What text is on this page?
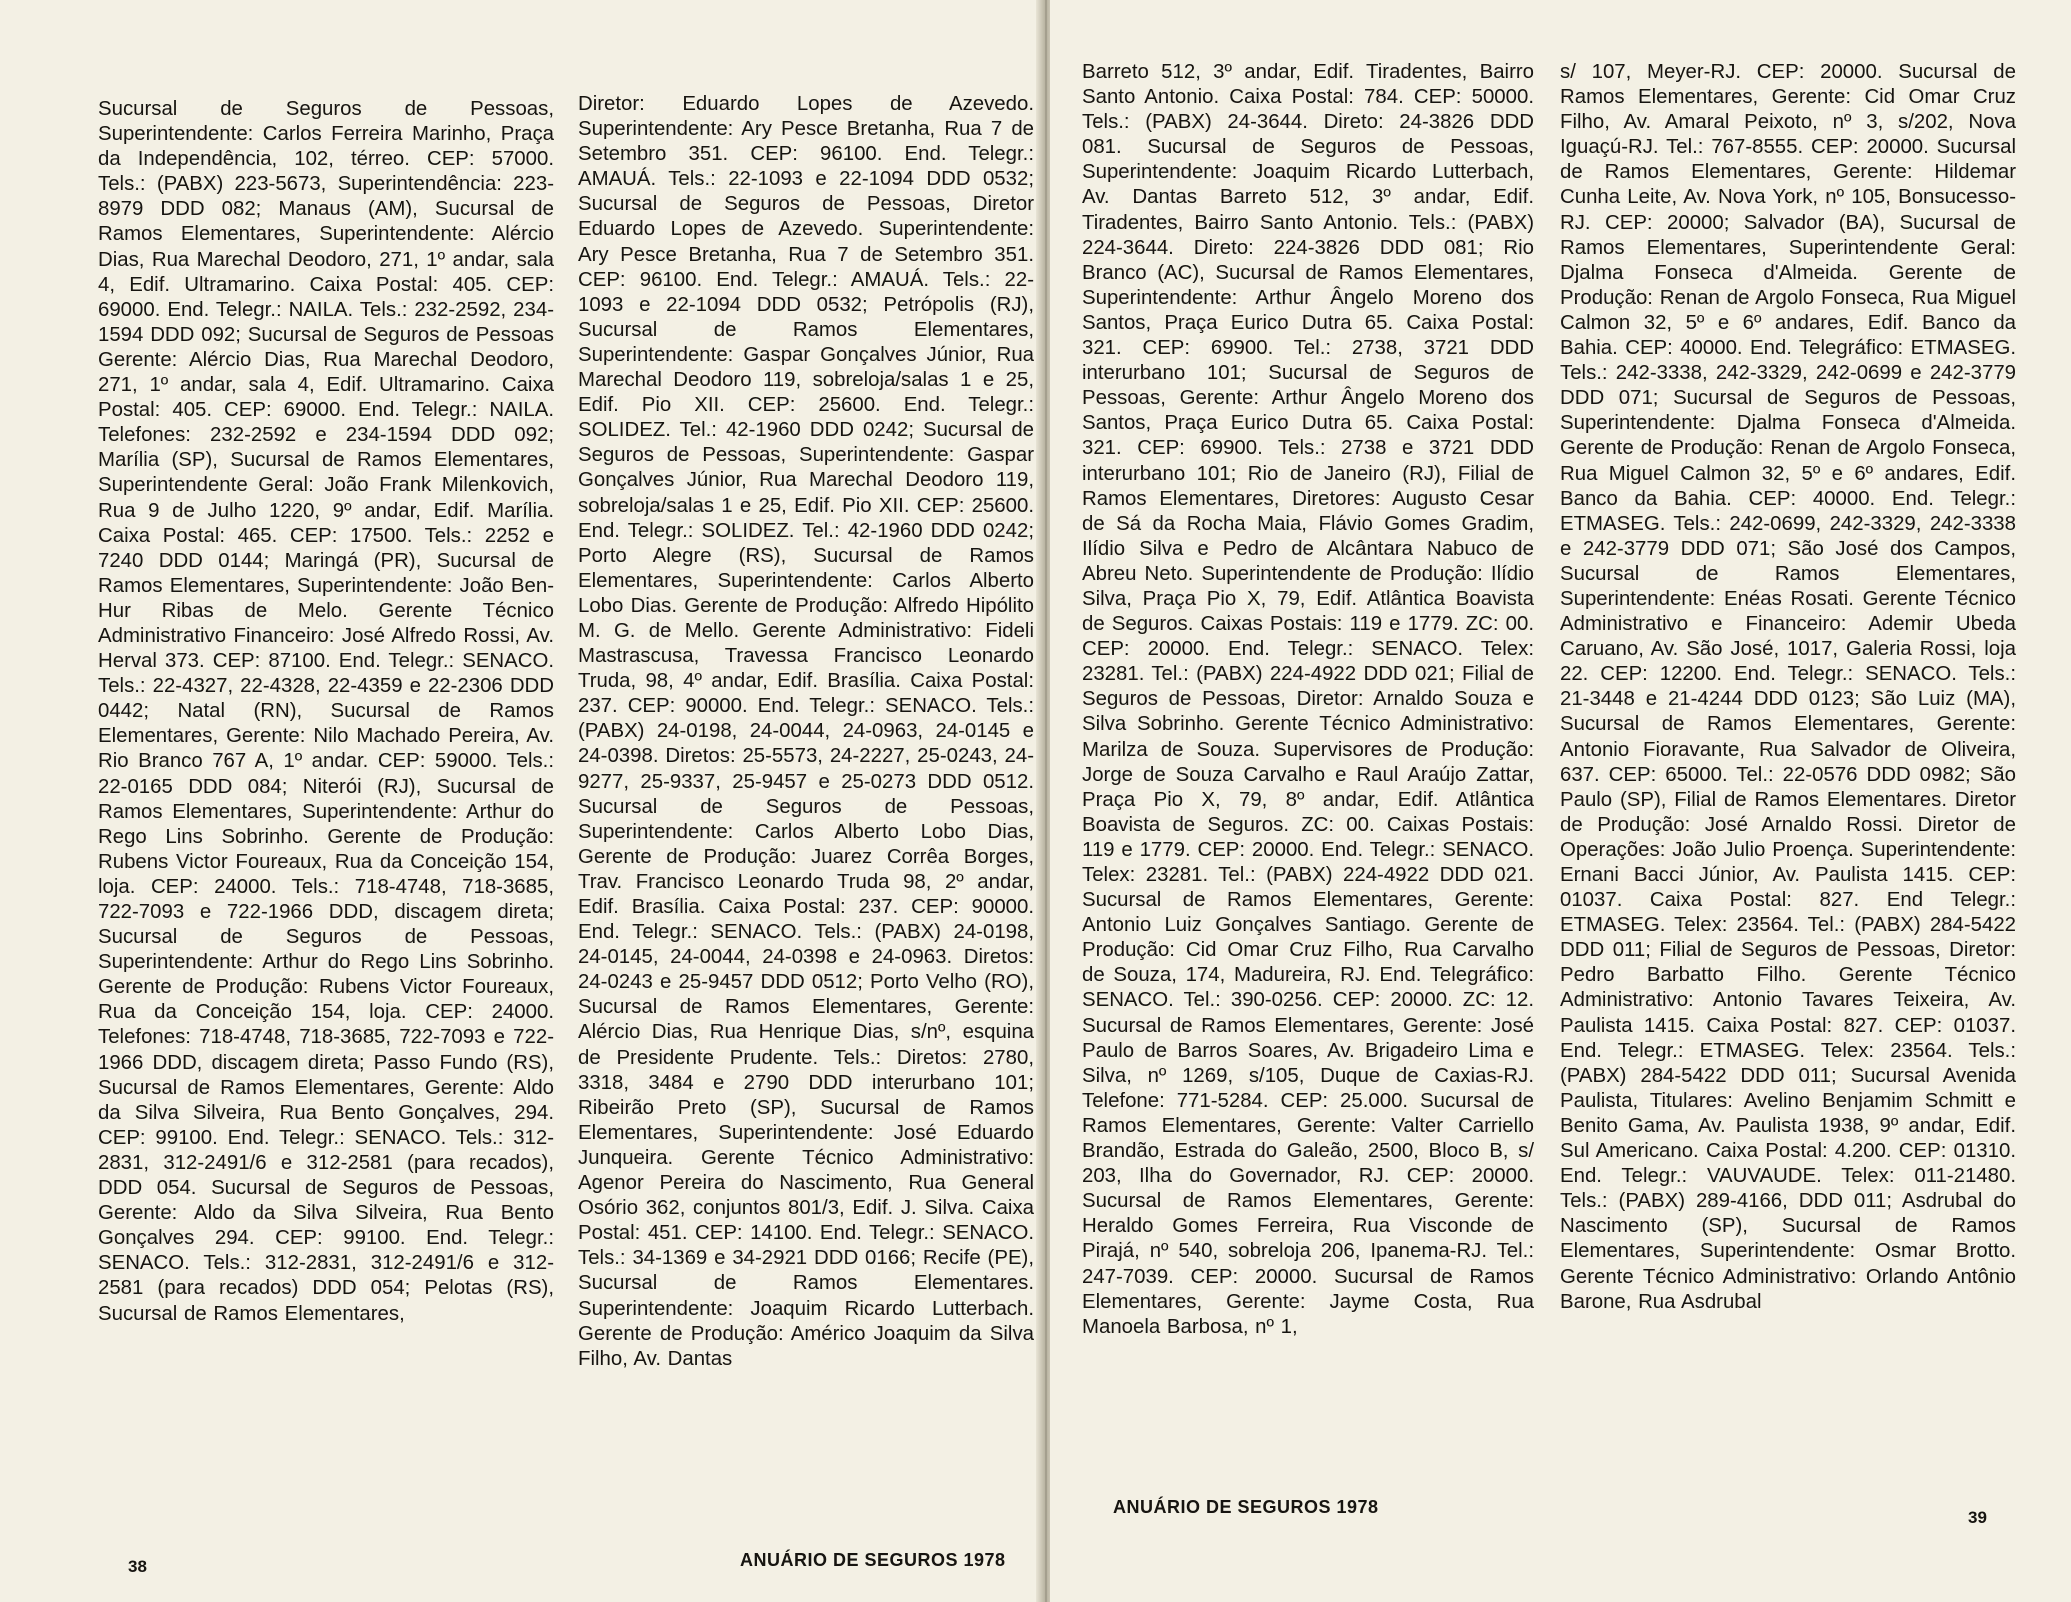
Sucursal de Seguros de Pessoas, Superintendente: Carlos Ferreira Marinho, Praça da Independência, 102, térreo. CEP: 57000. Tels.: (PABX) 223-5673, Superintendência: 223-8979 DDD 082; Manaus (AM), Sucursal de Ramos Elementares, Superintendente: Alércio Dias, Rua Marechal Deodoro, 271, 1º andar, sala 4, Edif. Ultramarino. Caixa Postal: 405. CEP: 69000. End. Telegr.: NAILA. Tels.: 232-2592, 234-1594 DDD 092; Sucursal de Seguros de Pessoas Gerente: Alércio Dias, Rua Marechal Deodoro, 271, 1º andar, sala 4, Edif. Ultramarino. Caixa Postal: 405. CEP: 69000. End. Telegr.: NAILA. Telefones: 232-2592 e 234-1594 DDD 092; Marília (SP), Sucursal de Ramos Elementares, Superintendente Geral: João Frank Milenkovich, Rua 9 de Julho 1220, 9º andar, Edif. Marília. Caixa Postal: 465. CEP: 17500. Tels.: 2252 e 7240 DDD 0144; Maringá (PR), Sucursal de Ramos Elementares, Superintendente: João Ben-Hur Ribas de Melo. Gerente Técnico Administrativo Financeiro: José Alfredo Rossi, Av. Herval 373. CEP: 87100. End. Telegr.: SENACO. Tels.: 22-4327, 22-4328, 22-4359 e 22-2306 DDD 0442; Natal (RN), Sucursal de Ramos Elementares, Gerente: Nilo Machado Pereira, Av. Rio Branco 767 A, 1º andar. CEP: 59000. Tels.: 22-0165 DDD 084; Niterói (RJ), Sucursal de Ramos Elementares, Superintendente: Arthur do Rego Lins Sobrinho. Gerente de Produção: Rubens Victor Foureaux, Rua da Conceição 154, loja. CEP: 24000. Tels.: 718-4748, 718-3685, 722-7093 e 722-1966 DDD, discagem direta; Sucursal de Seguros de Pessoas, Superintendente: Arthur do Rego Lins Sobrinho. Gerente de Produção: Rubens Victor Foureaux, Rua da Conceição 154, loja. CEP: 24000. Telefones: 718-4748, 718-3685, 722-7093 e 722-1966 DDD, discagem direta; Passo Fundo (RS), Sucursal de Ramos Elementares, Gerente: Aldo da Silva Silveira, Rua Bento Gonçalves, 294. CEP: 99100. End. Telegr.: SENACO. Tels.: 312-2831, 312-2491/6 e 312-2581 (para recados), DDD 054. Sucursal de Seguros de Pessoas, Gerente: Aldo da Silva Silveira, Rua Bento Gonçalves 294. CEP: 99100. End. Telegr.: SENACO. Tels.: 312-2831, 312-2491/6 e 312-2581 (para recados) DDD 054; Pelotas (RS), Sucursal de Ramos Elementares,

Diretor: Eduardo Lopes de Azevedo. Superintendente: Ary Pesce Bretanha, Rua 7 de Setembro 351. CEP: 96100. End. Telegr.: AMAUÁ. Tels.: 22-1093 e 22-1094 DDD 0532; Sucursal de Seguros de Pessoas, Diretor Eduardo Lopes de Azevedo. Superintendente: Ary Pesce Bretanha, Rua 7 de Setembro 351. CEP: 96100. End. Telegr.: AMAUÁ. Tels.: 22-1093 e 22-1094 DDD 0532; Petrópolis (RJ), Sucursal de Ramos Elementares, Superintendente: Gaspar Gonçalves Júnior, Rua Marechal Deodoro 119, sobreloja/salas 1 e 25, Edif. Pio XII. CEP: 25600. End. Telegr.: SOLIDEZ. Tel.: 42-1960 DDD 0242; Sucursal de Seguros de Pessoas, Superintendente: Gaspar Gonçalves Júnior, Rua Marechal Deodoro 119, sobreloja/salas 1 e 25, Edif. Pio XII. CEP: 25600. End. Telegr.: SOLIDEZ. Tel.: 42-1960 DDD 0242; Porto Alegre (RS), Sucursal de Ramos Elementares, Superintendente: Carlos Alberto Lobo Dias. Gerente de Produção: Alfredo Hipólito M. G. de Mello. Gerente Administrativo: Fideli Mastrascusa, Travessa Francisco Leonardo Truda, 98, 4º andar, Edif. Brasília. Caixa Postal: 237. CEP: 90000. End. Telegr.: SENACO. Tels.: (PABX) 24-0198, 24-0044, 24-0963, 24-0145 e 24-0398. Diretos: 25-5573, 24-2227, 25-0243, 24-9277, 25-9337, 25-9457 e 25-0273 DDD 0512. Sucursal de Seguros de Pessoas, Superintendente: Carlos Alberto Lobo Dias, Gerente de Produção: Juarez Corrêa Borges, Trav. Francisco Leonardo Truda 98, 2º andar, Edif. Brasília. Caixa Postal: 237. CEP: 90000. End. Telegr.: SENACO. Tels.: (PABX) 24-0198, 24-0145, 24-0044, 24-0398 e 24-0963. Diretos: 24-0243 e 25-9457 DDD 0512; Porto Velho (RO), Sucursal de Ramos Elementares, Gerente: Alércio Dias, Rua Henrique Dias, s/nº, esquina de Presidente Prudente. Tels.: Diretos: 2780, 3318, 3484 e 2790 DDD interurbano 101; Ribeirão Preto (SP), Sucursal de Ramos Elementares, Superintendente: José Eduardo Junqueira. Gerente Técnico Administrativo: Agenor Pereira do Nascimento, Rua General Osório 362, conjuntos 801/3, Edif. J. Silva. Caixa Postal: 451. CEP: 14100. End. Telegr.: SENACO. Tels.: 34-1369 e 34-2921 DDD 0166; Recife (PE), Sucursal de Ramos Elementares. Superintendente: Joaquim Ricardo Lutterbach. Gerente de Produção: Américo Joaquim da Silva Filho, Av. Dantas

38	ANUÁRIO DE SEGUROS 1978

Barreto 512, 3º andar, Edif. Tiradentes, Bairro Santo Antonio. Caixa Postal: 784. CEP: 50000. Tels.: (PABX) 24-3644. Direto: 24-3826 DDD 081. Sucursal de Seguros de Pessoas, Superintendente: Joaquim Ricardo Lutterbach, Av. Dantas Barreto 512, 3º andar, Edif. Tiradentes, Bairro Santo Antonio. Tels.: (PABX) 224-3644. Direto: 224-3826 DDD 081; Rio Branco (AC), Sucursal de Ramos Elementares, Superintendente: Arthur Ângelo Moreno dos Santos, Praça Eurico Dutra 65. Caixa Postal: 321. CEP: 69900. Tel.: 2738, 3721 DDD interurbano 101; Sucursal de Seguros de Pessoas, Gerente: Arthur Ângelo Moreno dos Santos, Praça Eurico Dutra 65. Caixa Postal: 321. CEP: 69900. Tels.: 2738 e 3721 DDD interurbano 101; Rio de Janeiro (RJ), Filial de Ramos Elementares, Diretores: Augusto Cesar de Sá da Rocha Maia, Flávio Gomes Gradim, Ilídio Silva e Pedro de Alcântara Nabuco de Abreu Neto. Superintendente de Produção: Ilídio Silva, Praça Pio X, 79, Edif. Atlântica Boavista de Seguros. Caixas Postais: 119 e 1779. ZC: 00. CEP: 20000. End. Telegr.: SENACO. Telex: 23281. Tel.: (PABX) 224-4922 DDD 021; Filial de Seguros de Pessoas, Diretor: Arnaldo Souza e Silva Sobrinho. Gerente Técnico Administrativo: Marilza de Souza. Supervisores de Produção: Jorge de Souza Carvalho e Raul Araújo Zattar, Praça Pio X, 79, 8º andar, Edif. Atlântica Boavista de Seguros. ZC: 00. Caixas Postais: 119 e 1779. CEP: 20000. End. Telegr.: SENACO. Telex: 23281. Tel.: (PABX) 224-4922 DDD 021. Sucursal de Ramos Elementares, Gerente: Antonio Luiz Gonçalves Santiago. Gerente de Produção: Cid Omar Cruz Filho, Rua Carvalho de Souza, 174, Madureira, RJ. End. Telegráfico: SENACO. Tel.: 390-0256. CEP: 20000. ZC: 12. Sucursal de Ramos Elementares, Gerente: José Paulo de Barros Soares, Av. Brigadeiro Lima e Silva, nº 1269, s/105, Duque de Caxias-RJ. Telefone: 771-5284. CEP: 25.000. Sucursal de Ramos Elementares, Gerente: Valter Carriello Brandão, Estrada do Galeão, 2500, Bloco B, s/ 203, Ilha do Governador, RJ. CEP: 20000. Sucursal de Ramos Elementares, Gerente: Heraldo Gomes Ferreira, Rua Visconde de Pirajá, nº 540, sobreloja 206, Ipanema-RJ. Tel.: 247-7039. CEP: 20000. Sucursal de Ramos Elementares, Gerente: Jayme Costa, Rua Manoela Barbosa, nº 1,

s/ 107, Meyer-RJ. CEP: 20000. Sucursal de Ramos Elementares, Gerente: Cid Omar Cruz Filho, Av. Amaral Peixoto, nº 3, s/202, Nova Iguaçú-RJ. Tel.: 767-8555. CEP: 20000. Sucursal de Ramos Elementares, Gerente: Hildemar Cunha Leite, Av. Nova York, nº 105, Bonsucesso-RJ. CEP: 20000; Salvador (BA), Sucursal de Ramos Elementares, Superintendente Geral: Djalma Fonseca d'Almeida. Gerente de Produção: Renan de Argolo Fonseca, Rua Miguel Calmon 32, 5º e 6º andares, Edif. Banco da Bahia. CEP: 40000. End. Telegráfico: ETMASEG. Tels.: 242-3338, 242-3329, 242-0699 e 242-3779 DDD 071; Sucursal de Seguros de Pessoas, Superintendente: Djalma Fonseca d'Almeida. Gerente de Produção: Renan de Argolo Fonseca, Rua Miguel Calmon 32, 5º e 6º andares, Edif. Banco da Bahia. CEP: 40000. End. Telegr.: ETMASEG. Tels.: 242-0699, 242-3329, 242-3338 e 242-3779 DDD 071; São José dos Campos, Sucursal de Ramos Elementares, Superintendente: Enéas Rosati. Gerente Técnico Administrativo e Financeiro: Ademir Ubeda Caruano, Av. São José, 1017, Galeria Rossi, loja 22. CEP: 12200. End. Telegr.: SENACO. Tels.: 21-3448 e 21-4244 DDD 0123; São Luiz (MA), Sucursal de Ramos Elementares, Gerente: Antonio Fioravante, Rua Salvador de Oliveira, 637. CEP: 65000. Tel.: 22-0576 DDD 0982; São Paulo (SP), Filial de Ramos Elementares. Diretor de Produção: José Arnaldo Rossi. Diretor de Operações: João Julio Proença. Superintendente: Ernani Bacci Júnior, Av. Paulista 1415. CEP: 01037. Caixa Postal: 827. End Telegr.: ETMASEG. Telex: 23564. Tel.: (PABX) 284-5422 DDD 011; Filial de Seguros de Pessoas, Diretor: Pedro Barbatto Filho. Gerente Técnico Administrativo: Antonio Tavares Teixeira, Av. Paulista 1415. Caixa Postal: 827. CEP: 01037. End. Telegr.: ETMASEG. Telex: 23564. Tels.: (PABX) 284-5422 DDD 011; Sucursal Avenida Paulista, Titulares: Avelino Benjamim Schmitt e Benito Gama, Av. Paulista 1938, 9º andar, Edif. Sul Americano. Caixa Postal: 4.200. CEP: 01310. End. Telegr.: VAUVAUDE. Telex: 011-21480. Tels.: (PABX) 289-4166, DDD 011; Asdrubal do Nascimento (SP), Sucursal de Ramos Elementares, Superintendente: Osmar Brotto. Gerente Técnico Administrativo: Orlando Antônio Barone, Rua Asdrubal

ANUÁRIO DE SEGUROS 1978
39
